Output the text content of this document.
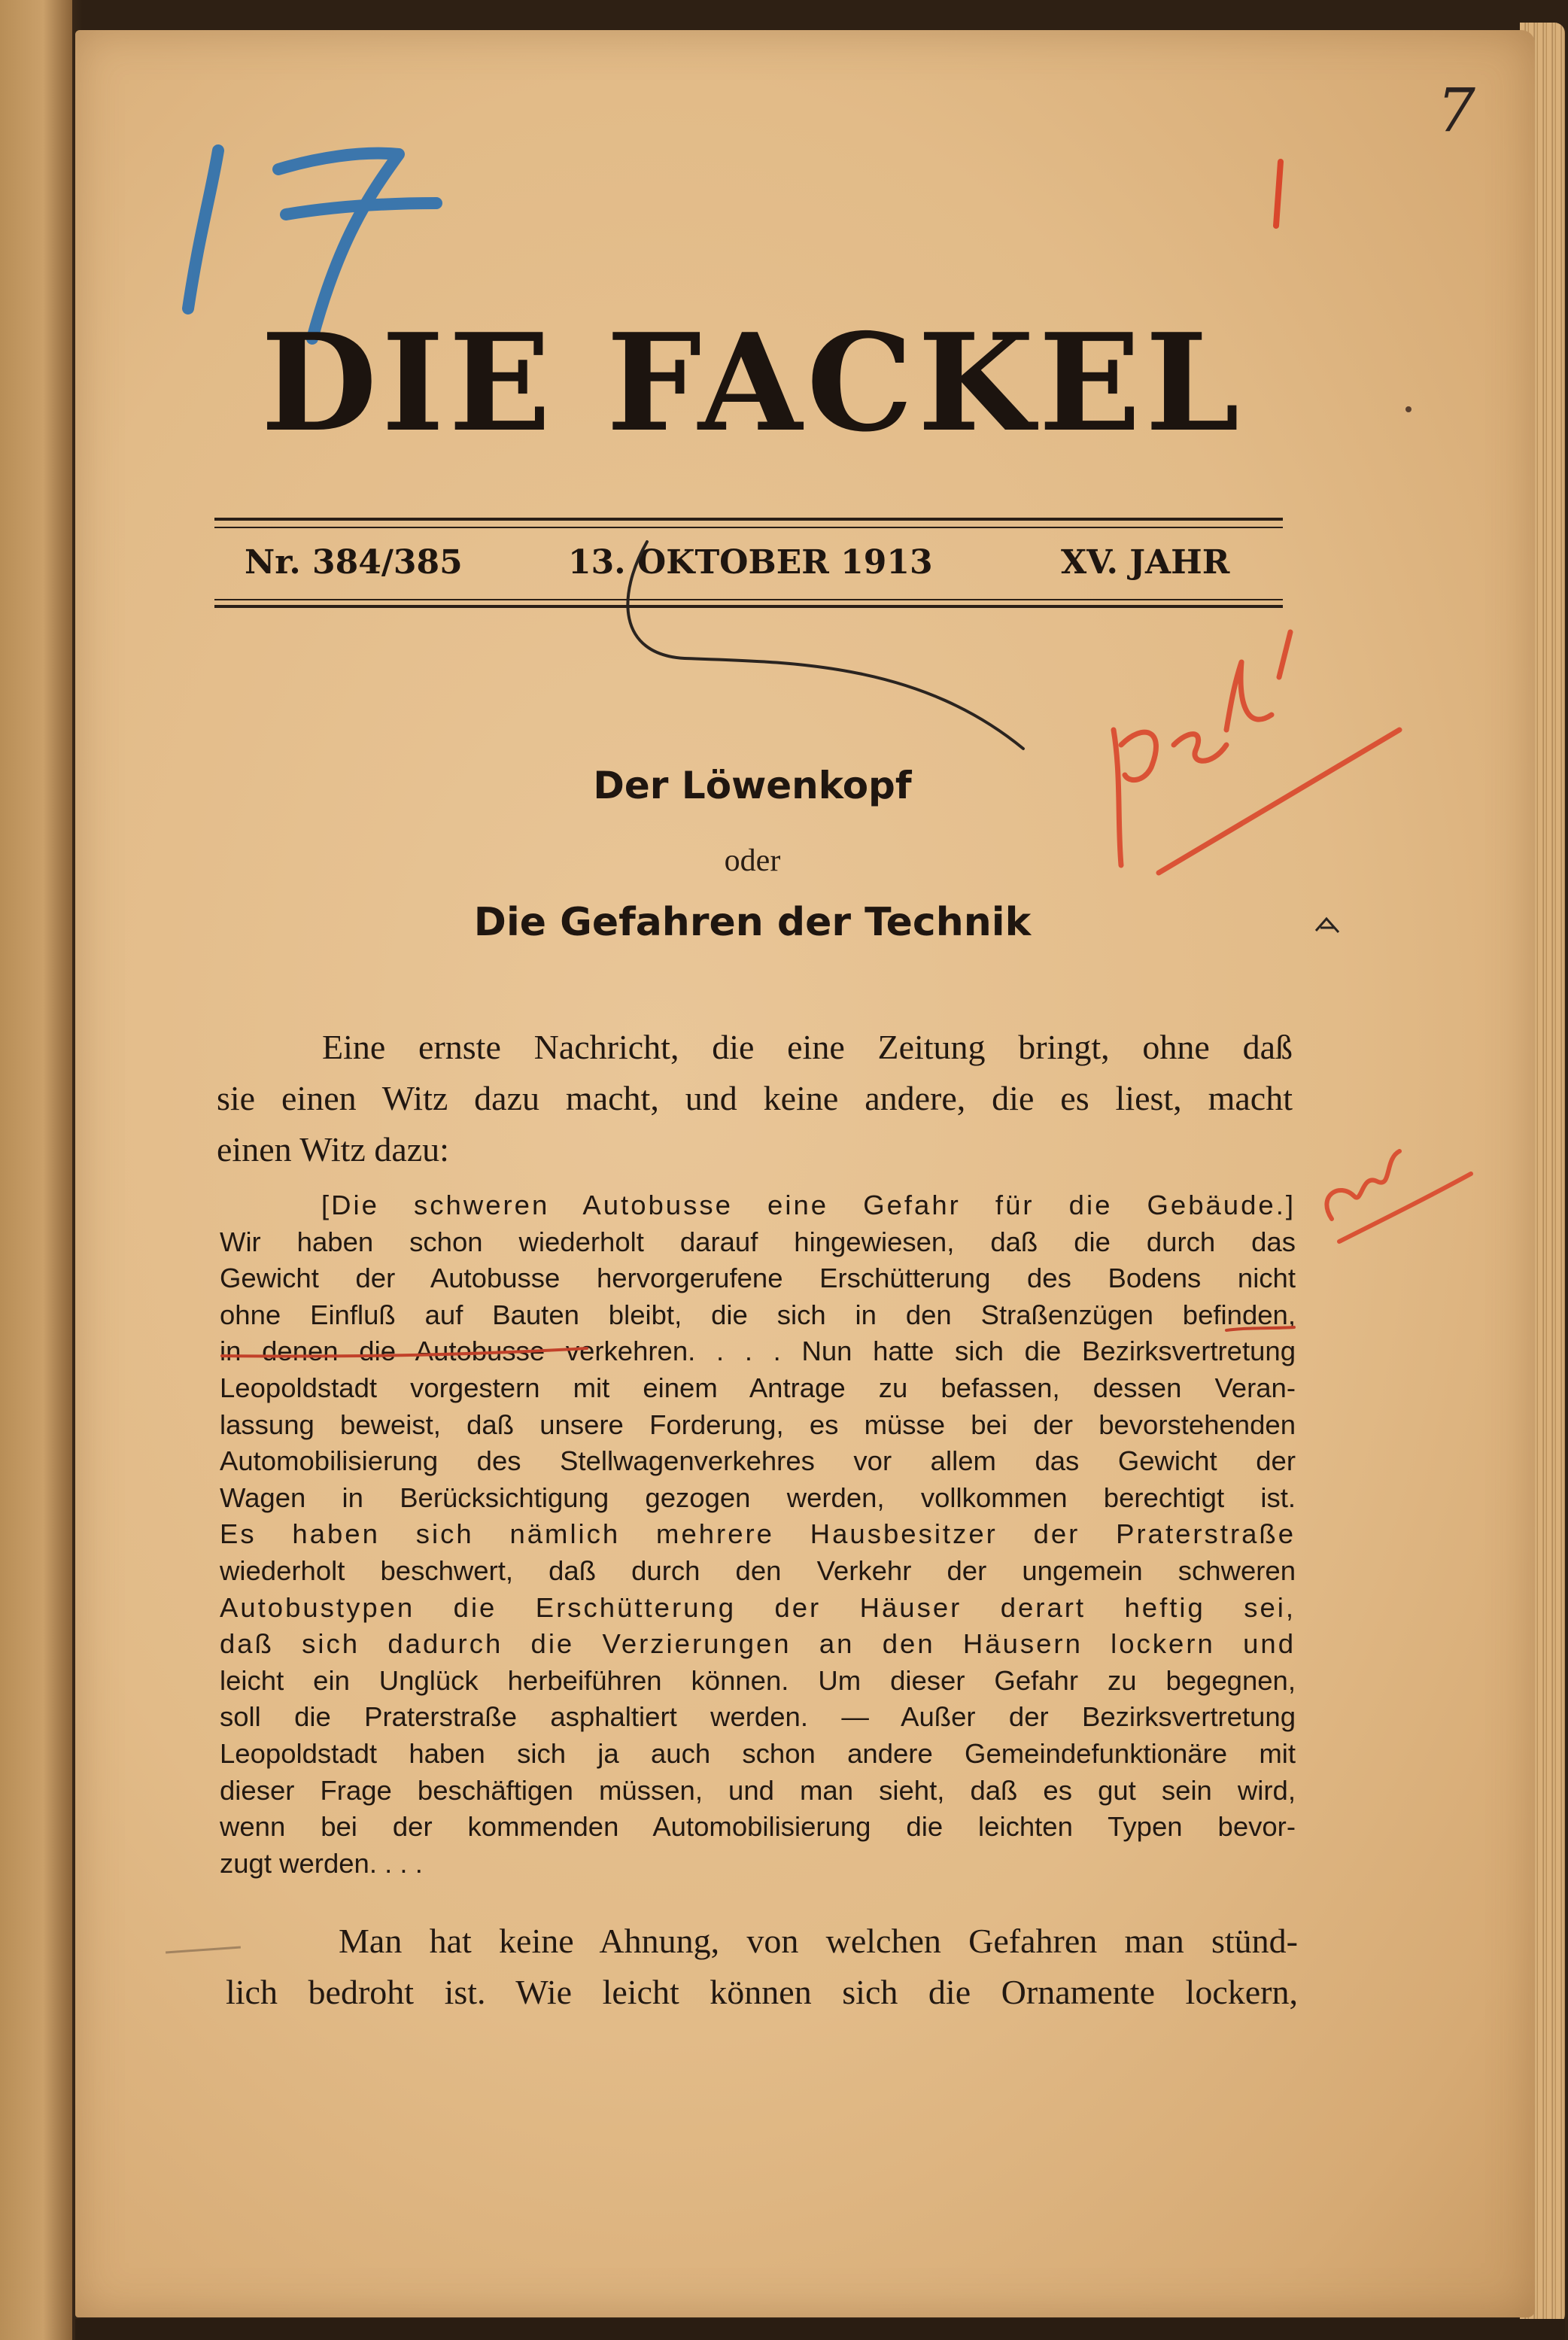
7
DIE FACKEL
Nr. 384/385	13. OKTOBER 1913	XV. JAHR
Der Löwenkopf
oder
Die Gefahren der Technik
Eine ernste Nachricht, die eine Zeitung bringt, ohne daß
sie einen Witz dazu macht, und keine andere, die es liest, macht
einen Witz dazu:
[Die schweren Autobusse eine Gefahr für die Gebäude.]
Wir haben schon wiederholt darauf hingewiesen, daß die durch das
Gewicht der Autobusse hervorgerufene Erschütterung des Bodens nicht
ohne Einfluß auf Bauten bleibt, die sich in den Straßenzügen befinden,
in denen die Autobusse verkehren. . . . Nun hatte sich die Bezirksvertretung
Leopoldstadt vorgestern mit einem Antrage zu befassen, dessen Veran-
lassung beweist, daß unsere Forderung, es müsse bei der bevorstehenden
Automobilisierung des Stellwagenverkehres vor allem das Gewicht der
Wagen in Berücksichtigung gezogen werden, vollkommen berechtigt ist.
Es haben sich nämlich mehrere Hausbesitzer der Praterstraße
wiederholt beschwert, daß durch den Verkehr der ungemein schweren
Autobustypen die Erschütterung der Häuser derart heftig sei,
daß sich dadurch die Verzierungen an den Häusern lockern und
leicht ein Unglück herbeiführen können. Um dieser Gefahr zu begegnen,
soll die Praterstraße asphaltiert werden. — Außer der Bezirksvertretung
Leopoldstadt haben sich ja auch schon andere Gemeindefunktionäre mit
dieser Frage beschäftigen müssen, und man sieht, daß es gut sein wird,
wenn bei der kommenden Automobilisierung die leichten Typen bevor-
zugt werden. . . .
Man hat keine Ahnung, von welchen Gefahren man stünd-
lich bedroht ist. Wie leicht können sich die Ornamente lockern,
